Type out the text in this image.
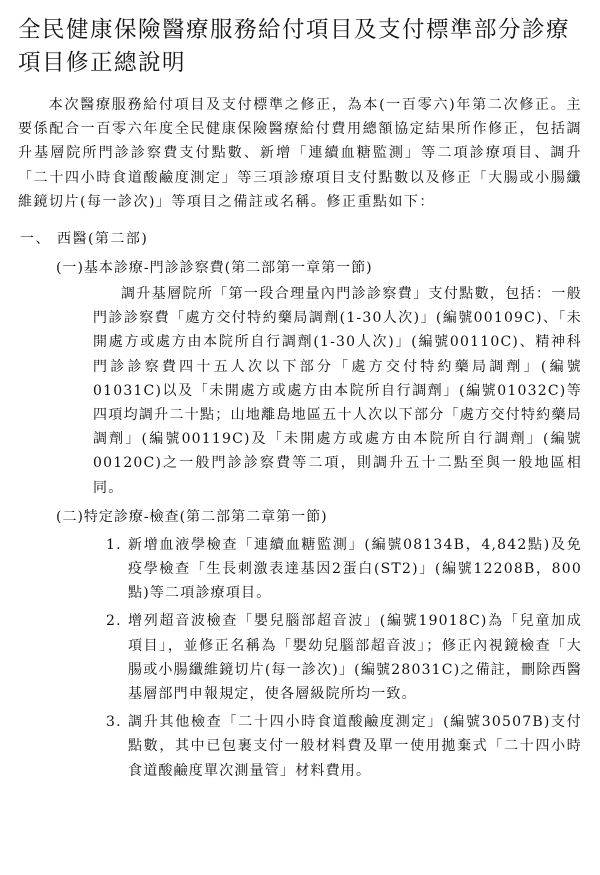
全民健康保險醫療服務給付項目及支付標準部分診療項目修正總說明

本次醫療服務給付項目及支付標準之修正，為本(一百零六)年第二次修正。主要係配合一百零六年度全民健康保險醫療給付費用總額協定結果所作修正，包括調升基層院所門診診察費支付點數、新增「連續血糖監測」等二項診療項目、調升「二十四小時食道酸鹼度測定」等三項診療項目支付點數以及修正「大腸或小腸纖維鏡切片(每一診次)」等項目之備註或名稱。修正重點如下：

一、 西醫(第二部)
(一)基本診療-門診診察費(第二部第一章第一節)

調升基層院所「第一段合理量內門診診察費」支付點數，包括：一般門診診察費「處方交付特約藥局調劑(1-30人次)」(編號00109C)、「未開處方或處方由本院所自行調劑(1-30人次)」(編號00110C)、精神科門診診察費四十五人次以下部分「處方交付特約藥局調劑」(編號01031C)以及「未開處方或處方由本院所自行調劑」(編號01032C)等四項均調升二十點；山地離島地區五十人次以下部分「處方交付特約藥局調劑」(編號00119C)及「未開處方或處方由本院所自行調劑」(編號00120C)之一般門診診察費等二項，則調升五十二點至與一般地區相同。

(二)特定診療-檢查(第二部第二章第一節)
1. 新增血液學檢查「連續血糖監測」(編號08134B，4,842點)及免疫學檢查「生長刺激表達基因2蛋白(ST2)」(編號12208B，800點)等二項診療項目。
2. 增列超音波檢查「嬰兒腦部超音波」(編號19018C)為「兒童加成項目」，並修正名稱為「嬰幼兒腦部超音波」；修正內視鏡檢查「大腸或小腸纖維鏡切片(每一診次)」(編號28031C)之備註，刪除西醫基層部門申報規定，使各層級院所均一致。
3. 調升其他檢查「二十四小時食道酸鹼度測定」(編號30507B)支付點數，其中已包裹支付一般材料費及單一使用拋棄式「二十四小時食道酸鹼度單次測量管」材料費用。
